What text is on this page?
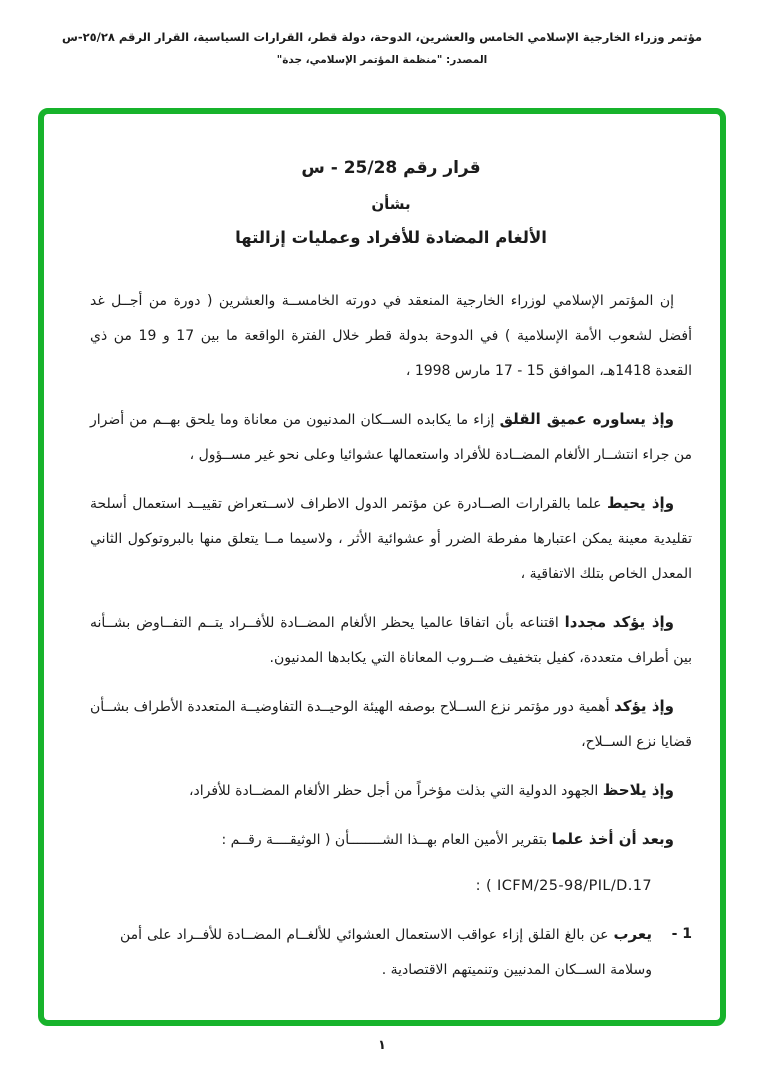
مؤتمر وزراء الخارجية الإسلامي الخامس والعشرين، الدوحة، دولة قطر، القرارات السياسية، القرار الرقم ٢٥/٢٨-س
المصدر: "منظمة المؤتمر الإسلامي، جدة"
قرار رقم 25/28 - س
بشأن
الألغام المضادة للأفراد وعمليات إزالتها

إن المؤتمر الإسلامي لوزراء الخارجية المنعقد في دورته الخامســة والعشرين ( دورة من أجــل غد أفضل لشعوب الأمة الإسلامية ) في الدوحة بدولة قطر خلال الفترة الواقعة ما بين 17 و 19 من ذي القعدة 1418هـ، الموافق 15 - 17 مارس 1998 ،

وإذ يساوره عميق القلق إزاء ما يكابده الســكان المدنيون من معاناة وما يلحق بهــم من أضرار من جراء انتشــار الألغام المضــادة للأفراد واستعمالها عشوائيا وعلى نحو غير مســؤول ،

وإذ يحيط علما بالقرارات الصــادرة عن مؤتمر الدول الاطراف لاســتعراض تقييــد استعمال أسلحة تقليدية معينة يمكن اعتبارها مفرطة الضرر أو عشوائية الأثر ، ولاسيما مــا يتعلق منها بالبروتوكول الثاني المعدل الخاص بتلك الاتفاقية ،

وإذ يؤكد مجددا اقتناعه بأن اتفاقا عالميا يحظر الألغام المضــادة للأفــراد يتــم التفــاوض بشــأنه بين أطراف متعددة، كفيل بتخفيف ضــروب المعاناة التي يكابدها المدنيون.

وإذ يؤكد أهمية دور مؤتمر نزع الســلاح بوصفه الهيئة الوحيــدة التفاوضيــة المتعددة الأطراف بشــأن قضايا نزع الســلاح،

وإذ يلاحظ الجهود الدولية التي بذلت مؤخراً من أجل حظر الألغام المضــادة للأفراد،

وبعد أن أخذ علما بتقرير الأمين العام بهــذا الشــــــــأن ( الوثيقــــة رقــم :

: ( ICFM/25-98/PIL/D.17
1 -
يعرب عن بالغ القلق إزاء عواقب الاستعمال العشوائي للألغــام المضــادة للأفــراد على أمن وسلامة الســكان المدنيين وتنميتهم الاقتصادية .
١
